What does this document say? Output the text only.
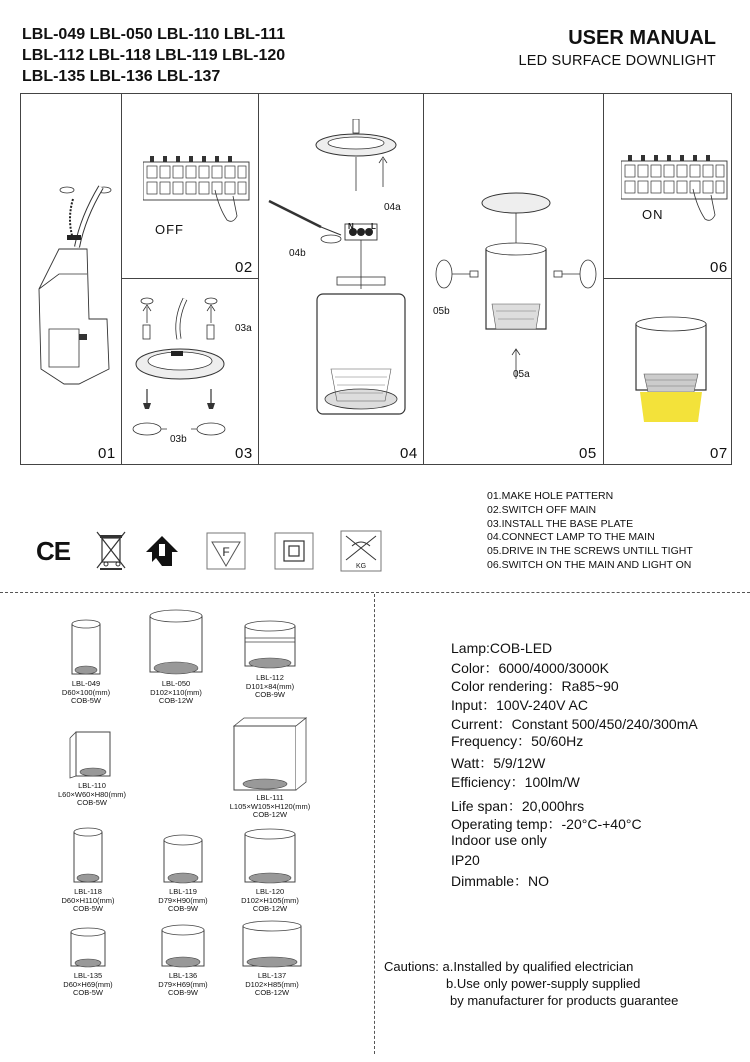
LBL-049 LBL-050 LBL-110 LBL-111
LBL-112 LBL-118 LBL-119 LBL-120
LBL-135 LBL-136 LBL-137
USER MANUAL
LED SURFACE DOWNLIGHT
01
OFF
02
03a
03b
03
04a
04b
N L
04
05a
05b
05
ON
06
07
01.MAKE HOLE PATTERN
02.SWITCH OFF MAIN
03.INSTALL THE BASE PLATE
04.CONNECT LAMP TO THE MAIN
05.DRIVE IN THE SCREWS UNTILL TIGHT
06.SWITCH ON THE MAIN AND LIGHT ON
CE	F
KG
LBL-049
D60×100(mm)
COB-5W
LBL-050
D102×110(mm)
COB-12W
LBL-112
D101×84(mm)
COB-9W
LBL-110
L60×W60×H80(mm)
COB-5W
LBL-111
L105×W105×H120(mm)
COB-12W
LBL-118
D60×H110(mm)
COB-5W
LBL-119
D79×H90(mm)
COB-9W
LBL-120
D102×H105(mm)
COB-12W
LBL-135
D60×H69(mm)
COB-5W
LBL-136
D79×H69(mm)
COB-9W
LBL-137
D102×H85(mm)
COB-12W
Lamp:COB-LED
Color：6000/4000/3000K
Color rendering：Ra85~90
Input：100V-240V AC
Current：Constant 500/450/240/300mA
Frequency：50/60Hz
Watt：5/9/12W
Efficiency：100lm/W
Life span：20,000hrs
Operating temp：-20°C-+40°C
Indoor use only
IP20
Dimmable：NO
Cautions: a.Installed by qualified electrician
b.Use only power-supply supplied
by manufacturer for products guarantee
